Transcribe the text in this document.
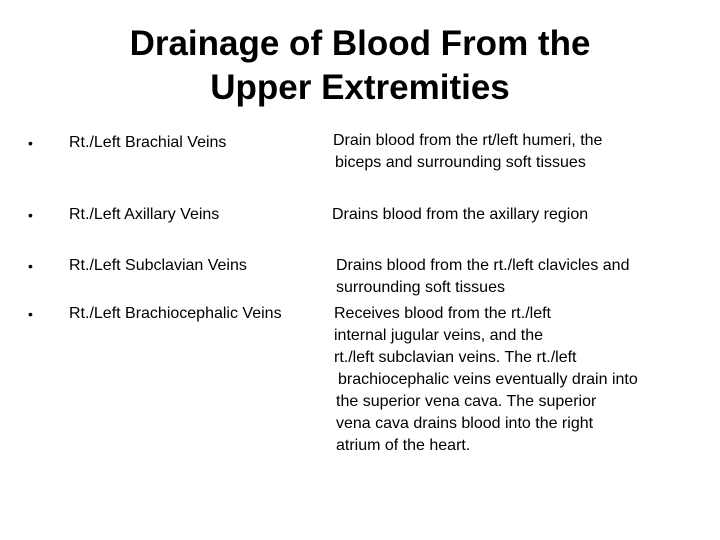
Drainage of Blood From the
Upper Extremities
• Rt./Left Brachial Veins	Drain blood from the rt/left humeri, the
biceps and surrounding soft tissues
• Rt./Left Axillary Veins	Drains blood from the axillary region
• Rt./Left Subclavian Veins	Drains blood from the rt./left clavicles and
surrounding soft tissues
• Rt./Left Brachiocephalic Veins	Receives blood from the rt./left
internal jugular veins, and the
rt./left subclavian veins. The rt./left
brachiocephalic veins eventually drain into
the superior vena cava. The superior
vena cava drains blood into the right
atrium of the heart.
